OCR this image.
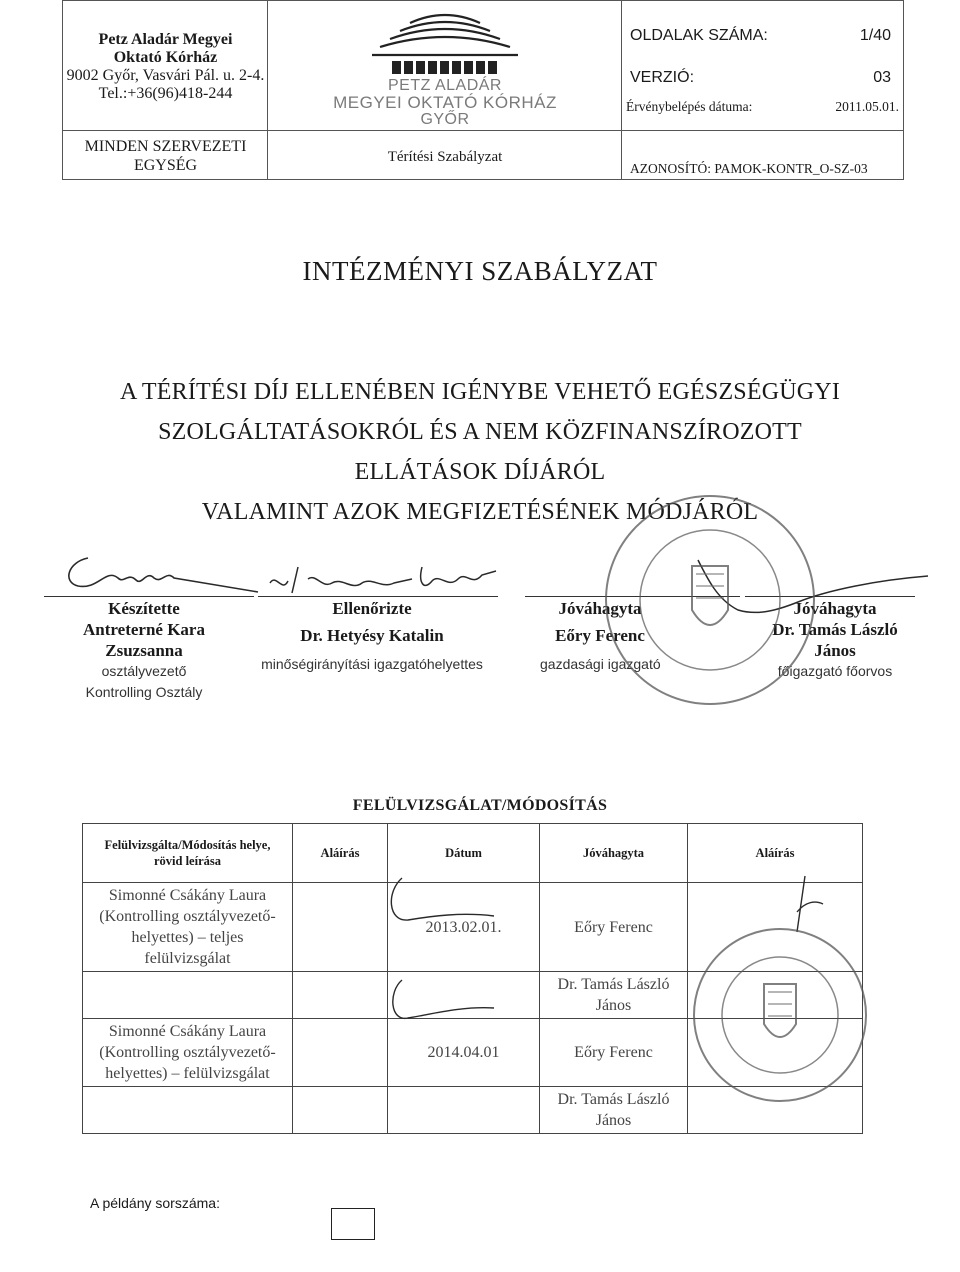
Petz Aladár Megyei
Oktató Kórház
9002 Győr, Vasvári Pál. u. 2-4.
Tel.:+36(96)418-244
MINDEN SZERVEZETI
EGYSÉG
PETZ ALADÁR
MEGYEI OKTATÓ KÓRHÁZ
GYŐR
Térítési Szabályzat
OLDALAK SZÁMA:	1/40
VERZIÓ:	03
Érvénybelépés dátuma:	2011.05.01.
AZONOSÍTÓ: PAMOK-KONTR_O-SZ-03
INTÉZMÉNYI SZABÁLYZAT
A TÉRÍTÉSI DÍJ ELLENÉBEN IGÉNYBE VEHETŐ EGÉSZSÉGÜGYI
SZOLGÁLTATÁSOKRÓL ÉS A NEM KÖZFINANSZÍROZOTT
ELLÁTÁSOK DÍJÁRÓL
VALAMINT AZOK MEGFIZETÉSÉNEK MÓDJÁRÓL
Készítette
Antreterné Kara
Zsuzsanna
osztályvezető
Kontrolling Osztály
Ellenőrizte
Dr. Hetyésy Katalin
minőségirányítási igazgatóhelyettes
Jóváhagyta
Eőry Ferenc
gazdasági igazgató
Jóváhagyta
Dr. Tamás László
János
főigazgató főorvos
FELÜLVIZSGÁLAT/MÓDOSÍTÁS
Felülvizsgálta/Módosítás helye, rövid leírása	Aláírás	Dátum	Jóváhagyta	Aláírás
Simonné Csákány Laura (Kontrolling osztályvezető-helyettes) – teljes felülvizsgálat		2013.02.01.	Eőry Ferenc	
			Dr. Tamás László János	
Simonné Csákány Laura (Kontrolling osztályvezető-helyettes) – felülvizsgálat		2014.04.01	Eőry Ferenc	
			Dr. Tamás László János	
A példány sorszáma:
